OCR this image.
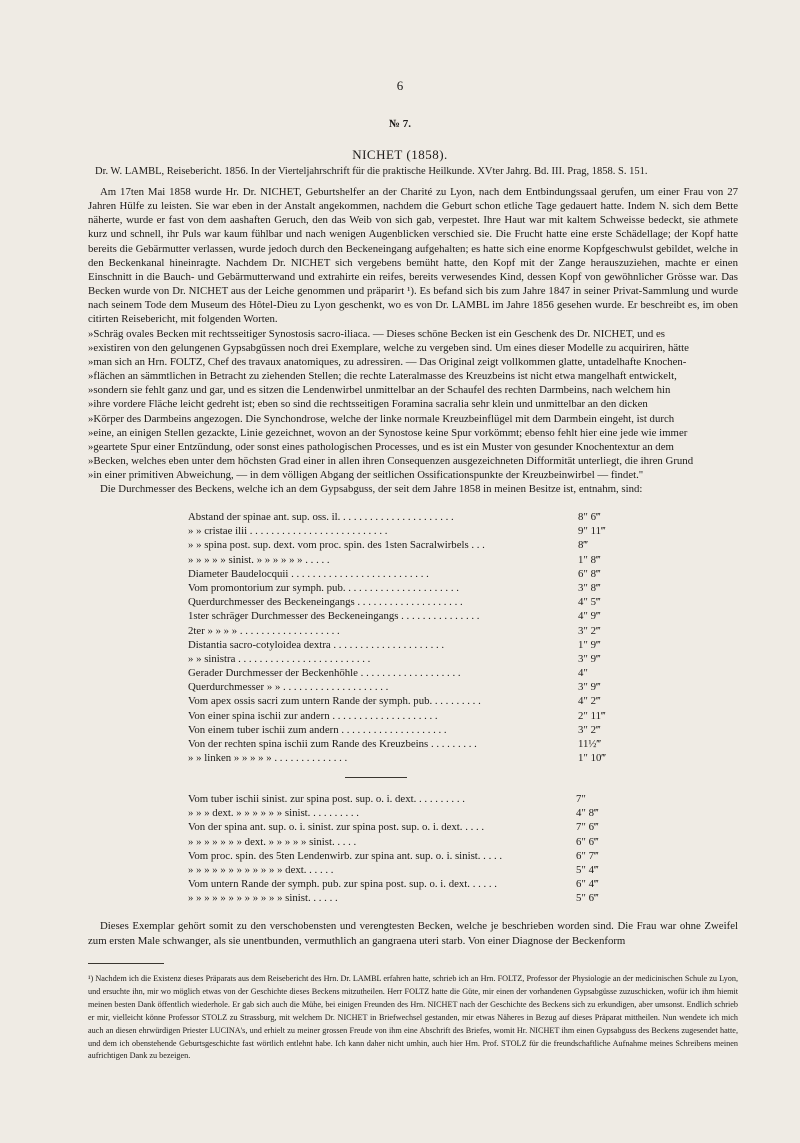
6
№ 7.
NICHET (1858).
Dr. W. LAMBL, Reisebericht. 1856. In der Vierteljahrschrift für die praktische Heilkunde. XVter Jahrg. Bd. III. Prag, 1858. S. 151.

Am 17ten Mai 1858 wurde Hr. Dr. NICHET, Geburtshelfer an der Charité zu Lyon, nach dem Entbindungssaal gerufen, um einer Frau von 27 Jahren Hülfe zu leisten. Sie war eben in der Anstalt angekommen, nachdem die Geburt schon etliche Tage gedauert hatte. Indem N. sich dem Bette näherte, wurde er fast von dem aashaften Geruch, den das Weib von sich gab, verpestet. Ihre Haut war mit kaltem Schweisse bedeckt, sie athmete kurz und schnell, ihr Puls war kaum fühlbar und nach wenigen Augenblicken verschied sie. Die Frucht hatte eine erste Schädellage; der Kopf hatte bereits die Gebärmutter verlassen, wurde jedoch durch den Beckeneingang aufgehalten; es hatte sich eine enorme Kopfgeschwulst gebildet, welche in den Beckenkanal hineinragte. Nachdem Dr. NICHET sich vergebens bemüht hatte, den Kopf mit der Zange herauszuziehen, machte er einen Einschnitt in die Bauch- und Gebärmutterwand und extrahirte ein reifes, bereits verwesendes Kind, dessen Kopf von gewöhnlicher Grösse war. Das Becken wurde von Dr. NICHET aus der Leiche genommen und präparirt ¹). Es befand sich bis zum Jahre 1847 in seiner Privat-Sammlung und wurde nach seinem Tode dem Museum des Hôtel-Dieu zu Lyon geschenkt, wo es von Dr. LAMBL im Jahre 1856 gesehen wurde. Er beschreibt es, im oben citirten Reisebericht, mit folgenden Worten.

»Schräg ovales Becken mit rechtsseitiger Synostosis sacro-iliaca. — Dieses schöne Becken ist ein Geschenk des Dr. NICHET, und es
»existiren von den gelungenen Gypsabgüssen noch drei Exemplare, welche zu vergeben sind. Um eines dieser Modelle zu acquiriren, hätte
»man sich an Hrn. FOLTZ, Chef des travaux anatomiques, zu adressiren. — Das Original zeigt vollkommen glatte, untadelhafte Knochen-
»flächen an sämmtlichen in Betracht zu ziehenden Stellen; die rechte Lateralmasse des Kreuzbeins ist nicht etwa mangelhaft entwickelt,
»sondern sie fehlt ganz und gar, und es sitzen die Lendenwirbel unmittelbar an der Schaufel des rechten Darmbeins, nach welchem hin
»ihre vordere Fläche leicht gedreht ist; eben so sind die rechtsseitigen Foramina sacralia sehr klein und unmittelbar an den dicken
»Körper des Darmbeins angezogen. Die Synchondrose, welche der linke normale Kreuzbeinflügel mit dem Darmbein eingeht, ist durch
»eine, an einigen Stellen gezackte, Linie gezeichnet, wovon an der Synostose keine Spur vorkömmt; ebenso fehlt hier eine jede wie immer
»geartete Spur einer Entzündung, oder sonst eines pathologischen Processes, und es ist ein Muster von gesunder Knochentextur an dem
»Becken, welches eben unter dem höchsten Grad einer in allen ihren Consequenzen ausgezeichneten Difformität unterliegt, die ihren Grund
»in einer primitiven Abweichung, — in dem völligen Abgang der seitlichen Ossificationspunkte der Kreuzbeinwirbel — findet."

Die Durchmesser des Beckens, welche ich an dem Gypsabguss, der seit dem Jahre 1858 in meinen Besitze ist, entnahm, sind:

Abstand der spinae ant. sup. oss. il. . . . . . . . . . . . . . . . . . . . . .	8″ 6‴
» » cristae ilii . . . . . . . . . . . . . . . . . . . . . . . . . .	9″ 11‴
» » spina post. sup. dext. vom proc. spin. des 1sten Sacralwirbels . . .	8‴
» » » » » sinist. » » » » » » . . . . .	1″ 8‴
Diameter Baudelocquii . . . . . . . . . . . . . . . . . . . . . . . . . .	6″ 8‴
Vom promontorium zur symph. pub. . . . . . . . . . . . . . . . . . . . . .	3″ 8‴
Querdurchmesser des Beckeneingangs . . . . . . . . . . . . . . . . . . . .	4″ 5‴
1ster schräger Durchmesser des Beckeneingangs . . . . . . . . . . . . . . .	4″ 9‴
2ter » » » » . . . . . . . . . . . . . . . . . . .	3″ 2‴
Distantia sacro-cotyloidea dextra . . . . . . . . . . . . . . . . . . . . .	1″ 9‴
» » sinistra . . . . . . . . . . . . . . . . . . . . . . . . .	3″ 9‴
Gerader Durchmesser der Beckenhöhle . . . . . . . . . . . . . . . . . . .	4″
Querdurchmesser » » . . . . . . . . . . . . . . . . . . . .	3″ 9‴
Vom apex ossis sacri zum untern Rande der symph. pub. . . . . . . . . .	4″ 2‴
Von einer spina ischii zur andern . . . . . . . . . . . . . . . . . . . .	2″ 11‴
Von einem tuber ischii zum andern . . . . . . . . . . . . . . . . . . . .	3″ 2‴
Von der rechten spina ischii zum Rande des Kreuzbeins . . . . . . . . .	11½‴
» » linken » » » » » . . . . . . . . . . . . . .	1″ 10‴
Vom tuber ischii sinist. zur spina post. sup. o. i. dext. . . . . . . . . .	7″
» » » dext. » » » » » » sinist. . . . . . . . . .	4″ 8‴
Von der spina ant. sup. o. i. sinist. zur spina post. sup. o. i. dext. . . . .	7″ 6‴
» » » » » » » dext. » » » » » sinist. . . . .	6″ 6‴
Vom proc. spin. des 5ten Lendenwirb. zur spina ant. sup. o. i. sinist. . . . .	6″ 7‴
» » » » » » » » » » » » dext. . . . . .	5″ 4‴
Vom untern Rande der symph. pub. zur spina post. sup. o. i. dext. . . . . .	6″ 4‴
» » » » » » » » » » » » sinist. . . . . .	5″ 6‴
Dieses Exemplar gehört somit zu den verschobensten und verengtesten Becken, welche je beschrieben worden sind. Die Frau war ohne Zweifel zum ersten Male schwanger, als sie unentbunden, vermuthlich an gangraena uteri starb. Von einer Diagnose der Beckenform
¹) Nachdem ich die Existenz dieses Präparats aus dem Reisebericht des Hrn. Dr. LAMBL erfahren hatte, schrieb ich an Hrn. FOLTZ, Professor der Physiologie an der medicinischen Schule zu Lyon, und ersuchte ihn, mir wo möglich etwas von der Geschichte dieses Beckens mitzutheilen. Herr FOLTZ hatte die Güte, mir einen der vorhandenen Gypsabgüsse zuzuschicken, wofür ich ihm hiemit meinen besten Dank öffentlich wiederhole. Er gab sich auch die Mühe, bei einigen Freunden des Hrn. NICHET nach der Geschichte des Beckens sich zu erkundigen, aber umsonst. Endlich schrieb er mir, vielleicht könne Professor STOLZ zu Strassburg, mit welchem Dr. NICHET in Briefwechsel gestanden, mir etwas Näheres in Bezug auf dieses Präparat mittheilen. Nun wendete ich mich auch an diesen ehrwürdigen Priester LUCINA's, und erhielt zu meiner grossen Freude von ihm eine Abschrift des Briefes, womit Hr. NICHET ihm einen Gypsabguss des Beckens zugesendet hatte, und dem ich obenstehende Geburtsgeschichte fast wörtlich entlehnt habe. Ich kann daher nicht umhin, auch hier Hrn. Prof. STOLZ für die freundschaftliche Aufnahme meines Schreibens meinen aufrichtigen Dank zu bezeigen.
